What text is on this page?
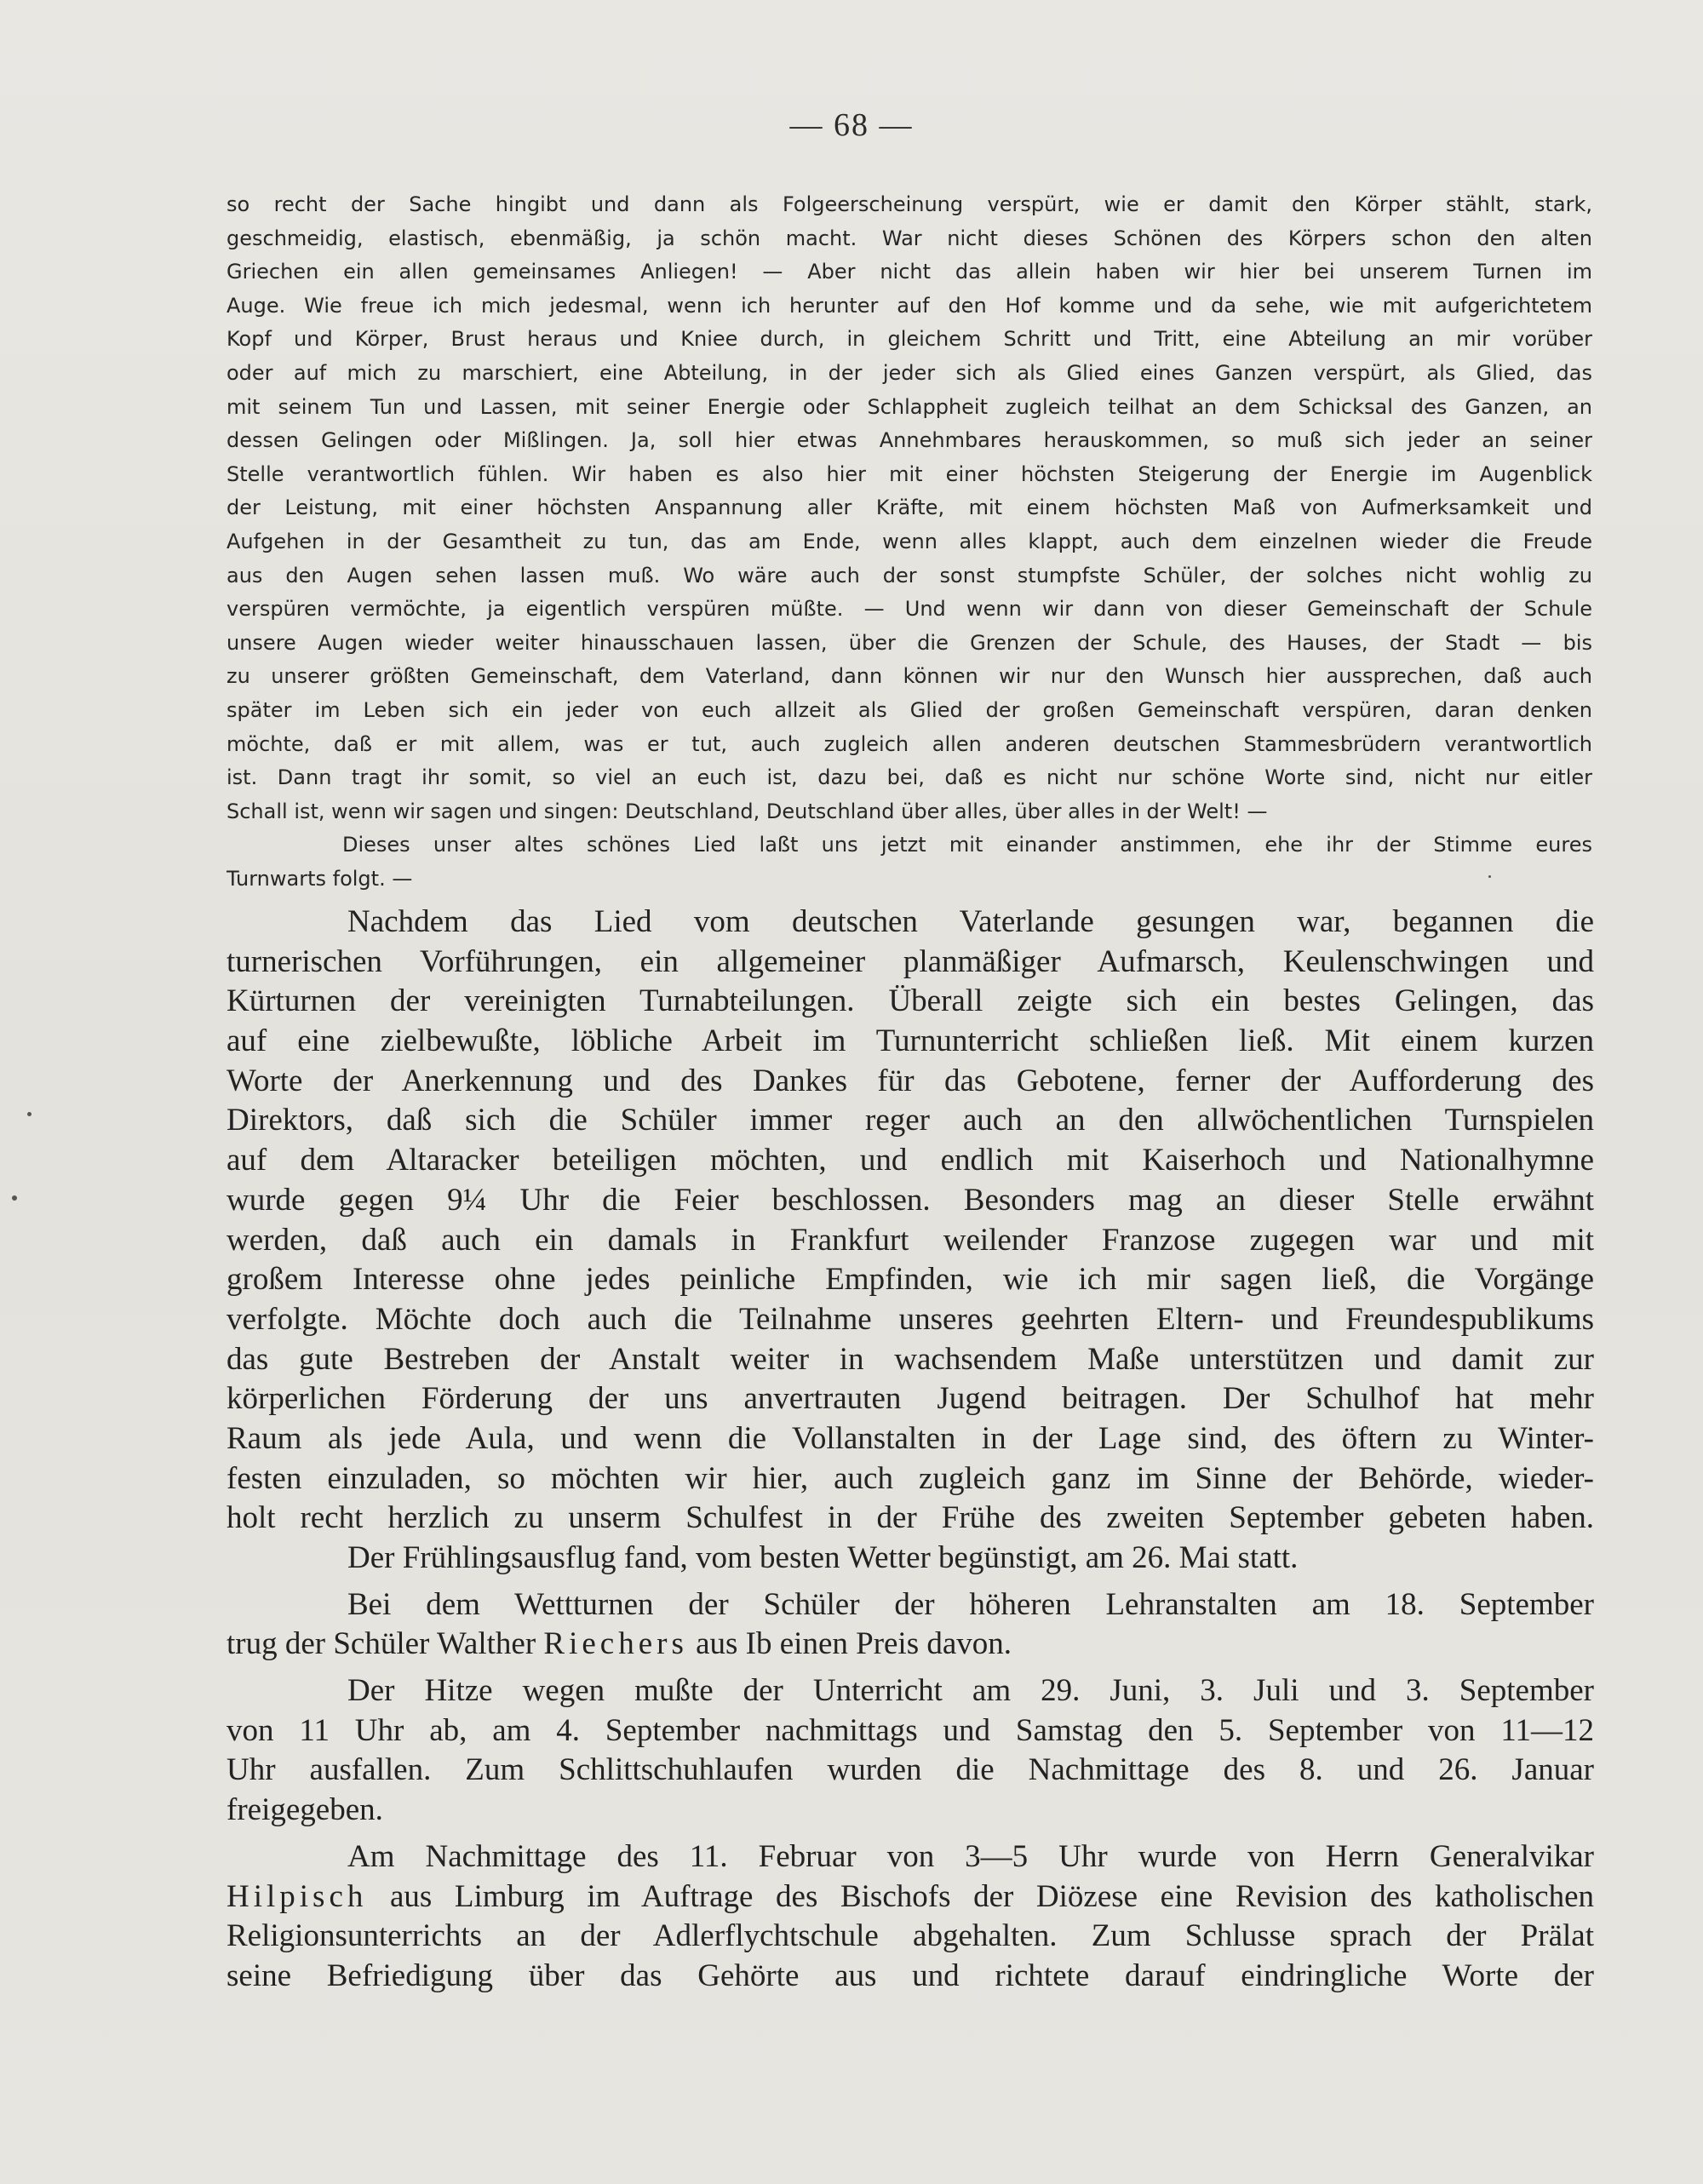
— 68 —

so recht der Sache hingibt und dann als Folgeerscheinung verspürt, wie er damit den Körper stählt, stark,
geschmeidig, elastisch, ebenmäßig, ja schön macht. War nicht dieses Schönen des Körpers schon den alten
Griechen ein allen gemeinsames Anliegen! — Aber nicht das allein haben wir hier bei unserem Turnen im
Auge. Wie freue ich mich jedesmal, wenn ich herunter auf den Hof komme und da sehe, wie mit aufgerichtetem
Kopf und Körper, Brust heraus und Kniee durch, in gleichem Schritt und Tritt, eine Abteilung an mir vorüber
oder auf mich zu marschiert, eine Abteilung, in der jeder sich als Glied eines Ganzen verspürt, als Glied, das
mit seinem Tun und Lassen, mit seiner Energie oder Schlappheit zugleich teilhat an dem Schicksal des Ganzen, an
dessen Gelingen oder Mißlingen. Ja, soll hier etwas Annehmbares herauskommen, so muß sich jeder an seiner
Stelle verantwortlich fühlen. Wir haben es also hier mit einer höchsten Steigerung der Energie im Augenblick
der Leistung, mit einer höchsten Anspannung aller Kräfte, mit einem höchsten Maß von Aufmerksamkeit und
Aufgehen in der Gesamtheit zu tun, das am Ende, wenn alles klappt, auch dem einzelnen wieder die Freude
aus den Augen sehen lassen muß. Wo wäre auch der sonst stumpfste Schüler, der solches nicht wohlig zu
verspüren vermöchte, ja eigentlich verspüren müßte. — Und wenn wir dann von dieser Gemeinschaft der Schule
unsere Augen wieder weiter hinausschauen lassen, über die Grenzen der Schule, des Hauses, der Stadt — bis
zu unserer größten Gemeinschaft, dem Vaterland, dann können wir nur den Wunsch hier aussprechen, daß auch
später im Leben sich ein jeder von euch allzeit als Glied der großen Gemeinschaft verspüren, daran denken
möchte, daß er mit allem, was er tut, auch zugleich allen anderen deutschen Stammesbrüdern verantwortlich
ist. Dann tragt ihr somit, so viel an euch ist, dazu bei, daß es nicht nur schöne Worte sind, nicht nur eitler
Schall ist, wenn wir sagen und singen: Deutschland, Deutschland über alles, über alles in der Welt! —

Dieses unser altes schönes Lied laßt uns jetzt mit einander anstimmen, ehe ihr der Stimme eures
Turnwarts folgt. —

Nachdem das Lied vom deutschen Vaterlande gesungen war, begannen die
turnerischen Vorführungen, ein allgemeiner planmäßiger Aufmarsch, Keulenschwingen und
Kürturnen der vereinigten Turnabteilungen. Überall zeigte sich ein bestes Gelingen, das
auf eine zielbewußte, löbliche Arbeit im Turnunterricht schließen ließ. Mit einem kurzen
Worte der Anerkennung und des Dankes für das Gebotene, ferner der Aufforderung des
Direktors, daß sich die Schüler immer reger auch an den allwöchentlichen Turnspielen
auf dem Altaracker beteiligen möchten, und endlich mit Kaiserhoch und Nationalhymne
wurde gegen 9¼ Uhr die Feier beschlossen. Besonders mag an dieser Stelle erwähnt
werden, daß auch ein damals in Frankfurt weilender Franzose zugegen war und mit
großem Interesse ohne jedes peinliche Empfinden, wie ich mir sagen ließ, die Vorgänge
verfolgte. Möchte doch auch die Teilnahme unseres geehrten Eltern- und Freundespublikums
das gute Bestreben der Anstalt weiter in wachsendem Maße unterstützen und damit zur
körperlichen Förderung der uns anvertrauten Jugend beitragen. Der Schulhof hat mehr
Raum als jede Aula, und wenn die Vollanstalten in der Lage sind, des öftern zu Winter-
festen einzuladen, so möchten wir hier, auch zugleich ganz im Sinne der Behörde, wieder-
holt recht herzlich zu unserm Schulfest in der Frühe des zweiten September gebeten haben.
Der Frühlingsausflug fand, vom besten Wetter begünstigt, am 26. Mai statt.
Bei dem Wettturnen der Schüler der höheren Lehranstalten am 18. September
trug der Schüler Walther Riechers aus Ib einen Preis davon.
Der Hitze wegen mußte der Unterricht am 29. Juni, 3. Juli und 3. September
von 11 Uhr ab, am 4. September nachmittags und Samstag den 5. September von 11—12
Uhr ausfallen. Zum Schlittschuhlaufen wurden die Nachmittage des 8. und 26. Januar
freigegeben.
Am Nachmittage des 11. Februar von 3—5 Uhr wurde von Herrn Generalvikar
Hilpisch aus Limburg im Auftrage des Bischofs der Diözese eine Revision des katholischen
Religionsunterrichts an der Adlerflychtschule abgehalten. Zum Schlusse sprach der Prälat
seine Befriedigung über das Gehörte aus und richtete darauf eindringliche Worte der
